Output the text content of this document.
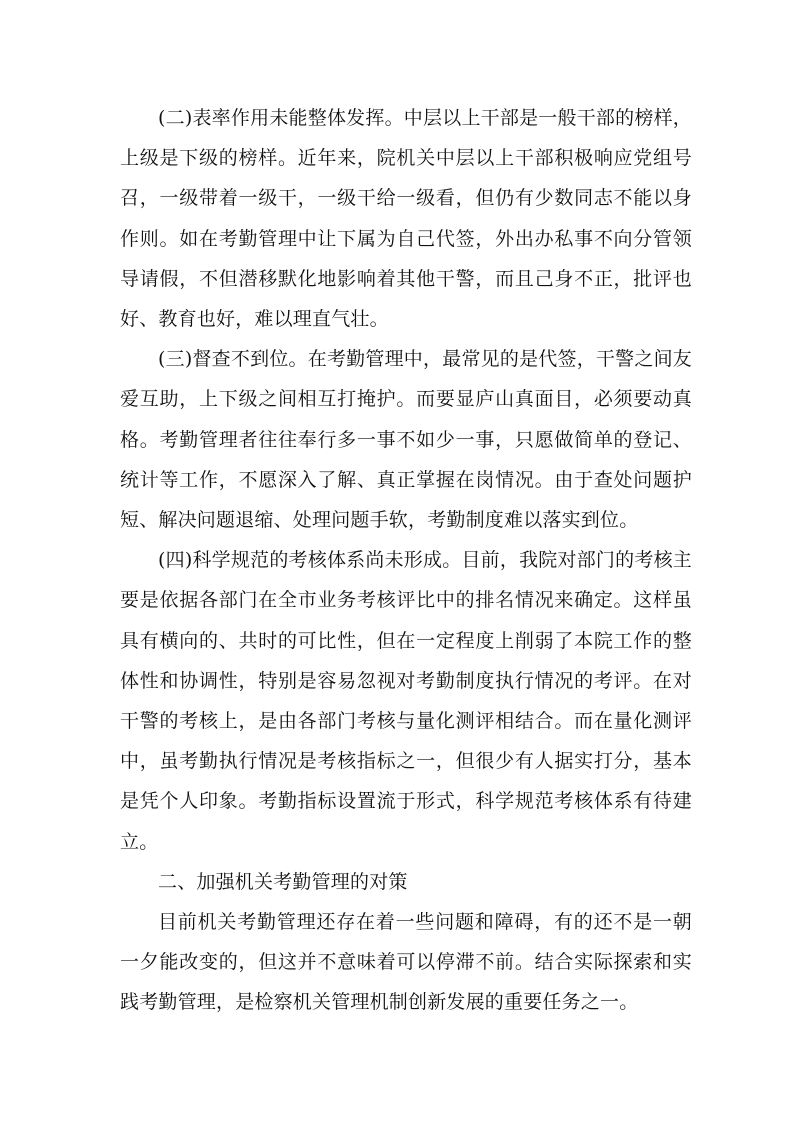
(二)表率作用未能整体发挥。中层以上干部是一般干部的榜样，上级是下级的榜样。近年来，院机关中层以上干部积极响应党组号召，一级带着一级干，一级干给一级看，但仍有少数同志不能以身作则。如在考勤管理中让下属为自己代签，外出办私事不向分管领导请假，不但潜移默化地影响着其他干警，而且己身不正，批评也好、教育也好，难以理直气壮。

(三)督查不到位。在考勤管理中，最常见的是代签，干警之间友爱互助，上下级之间相互打掩护。而要显庐山真面目，必须要动真格。考勤管理者往往奉行多一事不如少一事，只愿做简单的登记、统计等工作，不愿深入了解、真正掌握在岗情况。由于查处问题护短、解决问题退缩、处理问题手软，考勤制度难以落实到位。

(四)科学规范的考核体系尚未形成。目前，我院对部门的考核主要是依据各部门在全市业务考核评比中的排名情况来确定。这样虽具有横向的、共时的可比性，但在一定程度上削弱了本院工作的整体性和协调性，特别是容易忽视对考勤制度执行情况的考评。在对干警的考核上，是由各部门考核与量化测评相结合。而在量化测评中，虽考勤执行情况是考核指标之一，但很少有人据实打分，基本是凭个人印象。考勤指标设置流于形式，科学规范考核体系有待建立。

二、加强机关考勤管理的对策

目前机关考勤管理还存在着一些问题和障碍，有的还不是一朝一夕能改变的，但这并不意味着可以停滞不前。结合实际探索和实践考勤管理，是检察机关管理机制创新发展的重要任务之一。
